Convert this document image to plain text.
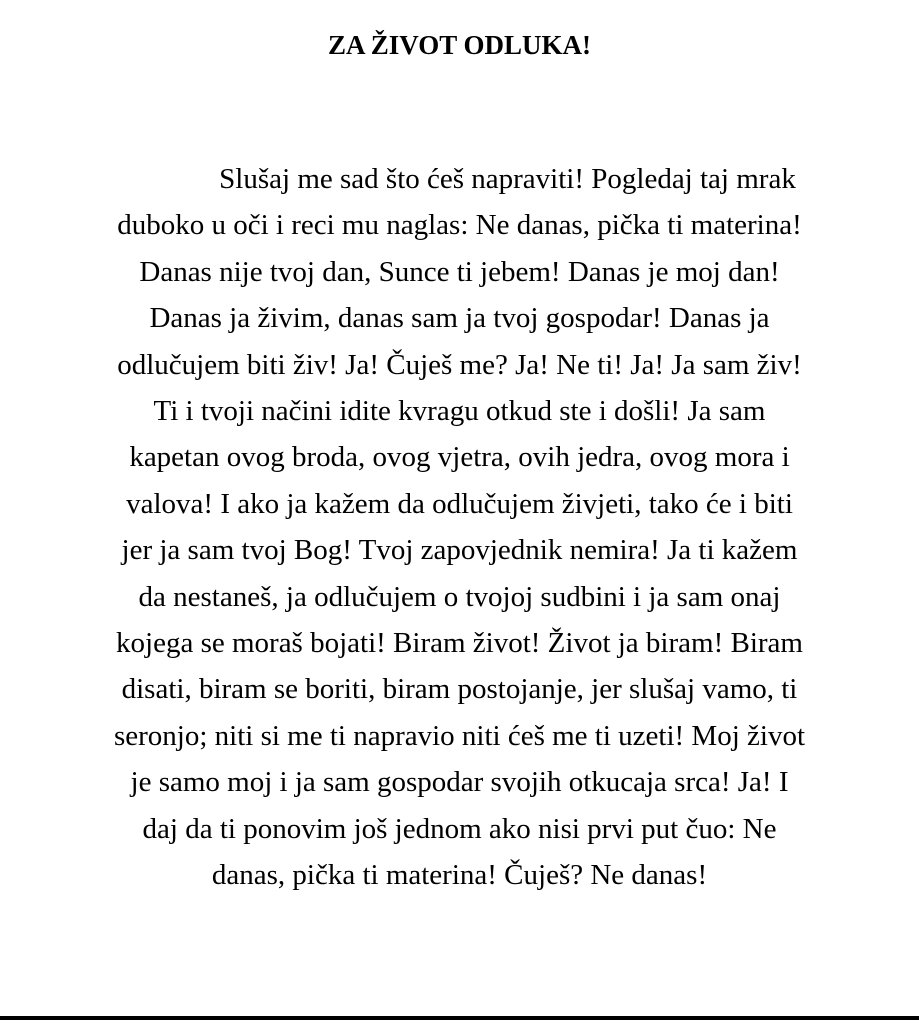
ZA ŽIVOT ODLUKA!

Slušaj me sad što ćeš napraviti! Pogledaj taj mrak
duboko u oči i reci mu naglas: Ne danas, pička ti materina!
Danas nije tvoj dan, Sunce ti jebem! Danas je moj dan!
Danas ja živim, danas sam ja tvoj gospodar! Danas ja
odlučujem biti živ! Ja! Čuješ me? Ja! Ne ti! Ja! Ja sam živ!
Ti i tvoji načini idite kvragu otkud ste i došli! Ja sam
kapetan ovog broda, ovog vjetra, ovih jedra, ovog mora i
valova! I ako ja kažem da odlučujem živjeti, tako će i biti
jer ja sam tvoj Bog! Tvoj zapovjednik nemira! Ja ti kažem
da nestaneš, ja odlučujem o tvojoj sudbini i ja sam onaj
kojega se moraš bojati! Biram život! Život ja biram! Biram
disati, biram se boriti, biram postojanje, jer slušaj vamo, ti
seronjo; niti si me ti napravio niti ćeš me ti uzeti! Moj život
je samo moj i ja sam gospodar svojih otkucaja srca! Ja! I
daj da ti ponovim još jednom ako nisi prvi put čuo: Ne
danas, pička ti materina! Čuješ? Ne danas!
